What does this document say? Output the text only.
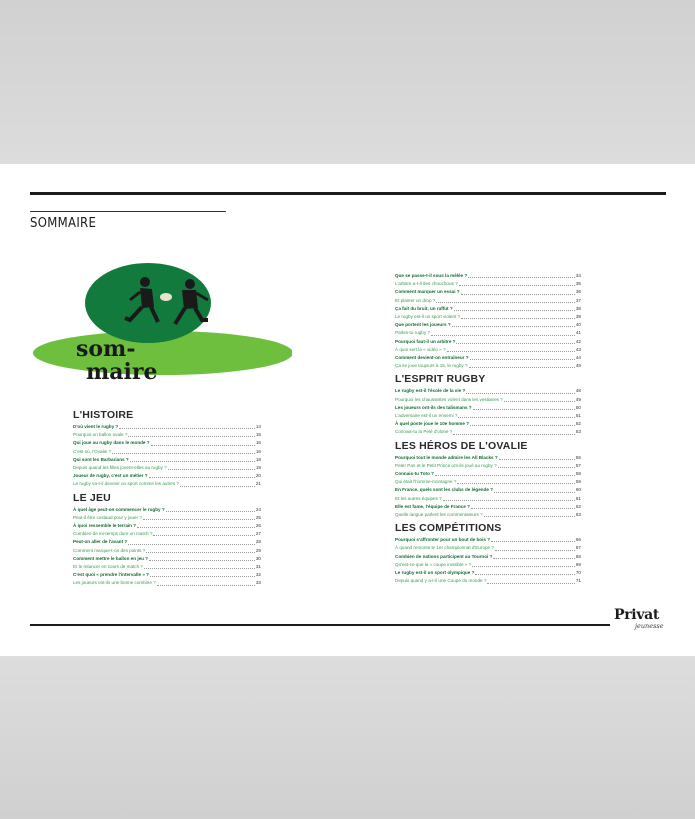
SOMMAIRE
som-
maire
L'HISTOIRE
D'où vient le rugby ?	14
Pourquoi un ballon ovale ?	15
Qui joue au rugby dans le monde ?	16
C'est où, l'Ovalie ?	16
Qui sont les Barbarians ?	18
Depuis quand les filles jouent-elles au rugby ?	19
Joueur de rugby, c'est un métier ?	20
Le rugby va-t-il devenir un sport comme les autres ?	21
LE JEU
À quel âge peut-on commencer le rugby ?	24
Peut-il être costaud pour y jouer ?	25
À quoi ressemble le terrain ?	26
Combien de mi-temps dure un match ?	27
Peut-on aller de l'avant ?	28
Comment marque-t-on des points ?	29
Comment mettre le ballon en jeu ?	30
Et le relancer en cours de match ?	31
C'est quoi « prendre l'intervalle » ?	32
Les joueurs ont-ils une bonne combine ?	33
Que se passe-t-il sous la mêlée ?	34
L'arbitre a-t-il des chouchous ?	35
Comment marquer un essai ?	36
Et planter un drop ?	37
Ça fait du bruit, un raffut ?	38
Le rugby est-il un sport violent ?	39
Que portent les joueurs ?	40
Parles-tu rugby ?	41
Pourquoi faut-il un arbitre ?	42
À quoi sert la « vidéo » ?	43
Comment devient-on entraîneur ?	44
Ça se joue toujours à 15, le rugby ?	45
L'ESPRIT RUGBY
Le rugby est-il l'école de la vie ?	48
Pourquoi les chaussettes volent dans les vestiaires ?	49
Les joueurs ont-ils des talismans ?	50
L'adversaire est-il un ennemi ?	51
À quel poste joue le 10e homme ?	52
Connais-tu la Pelé d'olone ?	53
LES HÉROS DE L'OVALIE
Pourquoi tout le monde admire les All Blacks ?	56
Peter Pan et le Petit Prince ont-ils joué au rugby ?	57
Connais-tu Toto ?	58
Qui était l'homme-montagne ?	59
En France, quels sont les clubs de légende ?	60
Et les autres équipes ?	61
Elle est fame, l'équipe de France ?	62
Quelle langue parlent les commentateurs ?	63
LES COMPÉTITIONS
Pourquoi s'affronter pour un bout de bois ?	66
À quand remonte le 1er championnat d'Europe ?	67
Combien de nations participent au Tournoi ?	68
Qu'est-ce que la « coupe invisible » ?	69
Le rugby est-il un sport olympique ?	70
Depuis quand y a-t-il une Coupe du monde ?	71
Privat
jeunesse
